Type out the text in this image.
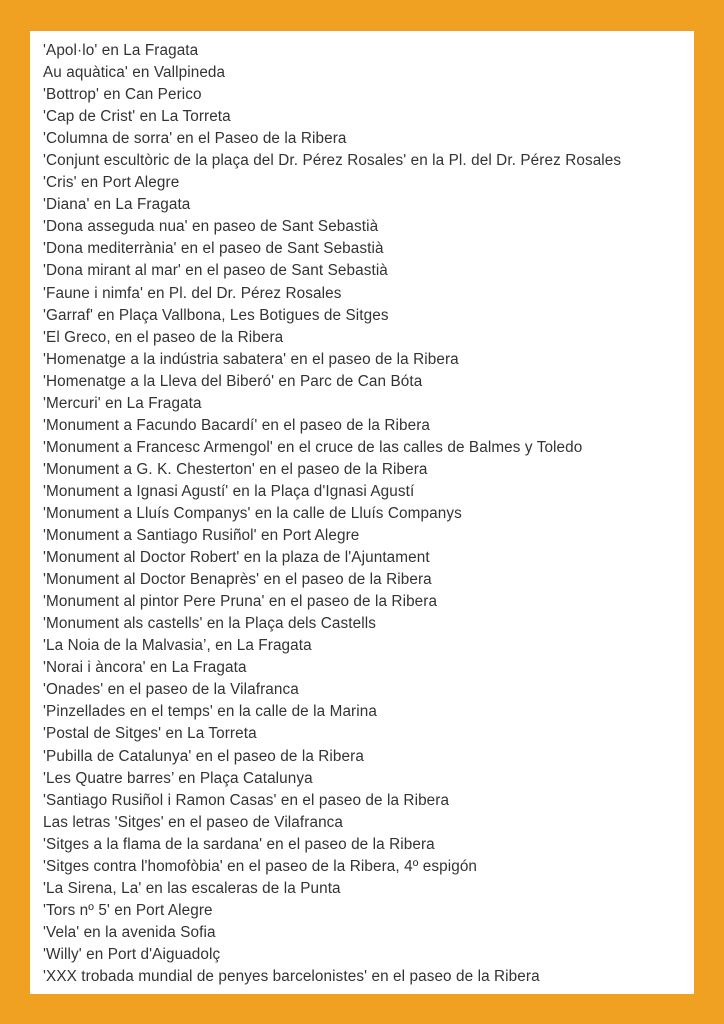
'Apol·lo' en La Fragata
Au aquàtica' en Vallpineda
'Bottrop' en Can Perico
'Cap de Crist' en La Torreta
'Columna de sorra' en el Paseo de la Ribera
'Conjunt escultòric de la plaça del Dr. Pérez Rosales' en la Pl. del Dr. Pérez Rosales
'Cris' en Port Alegre
'Diana' en La Fragata
'Dona asseguda nua' en paseo de Sant Sebastià
'Dona mediterrània' en el paseo de Sant Sebastià
'Dona mirant al mar' en el paseo de Sant Sebastià
'Faune i nimfa' en Pl. del Dr. Pérez Rosales
'Garraf' en Plaça Vallbona, Les Botigues de Sitges
'El Greco, en el paseo de la Ribera
'Homenatge a la indústria sabatera' en el paseo de la Ribera
'Homenatge a la Lleva del Biberó' en Parc de Can Bóta
'Mercuri' en La Fragata
'Monument a Facundo Bacardí' en el paseo de la Ribera
'Monument a Francesc Armengol' en el cruce de las calles de Balmes y Toledo
'Monument a G. K. Chesterton' en el paseo de la Ribera
'Monument a Ignasi Agustí' en la Plaça d'Ignasi Agustí
'Monument a Lluís Companys' en la calle de Lluís Companys
'Monument a Santiago Rusiñol' en Port Alegre
'Monument al Doctor Robert' en la plaza de l'Ajuntament
'Monument al Doctor Benaprès' en el paseo de la Ribera
'Monument al pintor Pere Pruna' en el paseo de la Ribera
'Monument als castells' en la Plaça dels Castells
'La Noia de la Malvasia’, en La Fragata
'Norai i àncora' en La Fragata
'Onades' en el paseo de la Vilafranca
'Pinzellades en el temps' en la calle de la Marina
'Postal de Sitges' en La Torreta
'Pubilla de Catalunya' en el paseo de la Ribera
'Les Quatre barres’ en Plaça Catalunya
'Santiago Rusiñol i Ramon Casas' en el paseo de la Ribera
Las letras 'Sitges' en el paseo de Vilafranca
'Sitges a la flama de la sardana' en el paseo de la Ribera
'Sitges contra l'homofòbia' en el paseo de la Ribera, 4º espigón
'La Sirena, La' en las escaleras de la Punta
'Tors nº 5' en Port Alegre
'Vela' en la avenida Sofia
'Willy' en Port d'Aiguadolç
'XXX trobada mundial de penyes barcelonistes' en el paseo de la Ribera
